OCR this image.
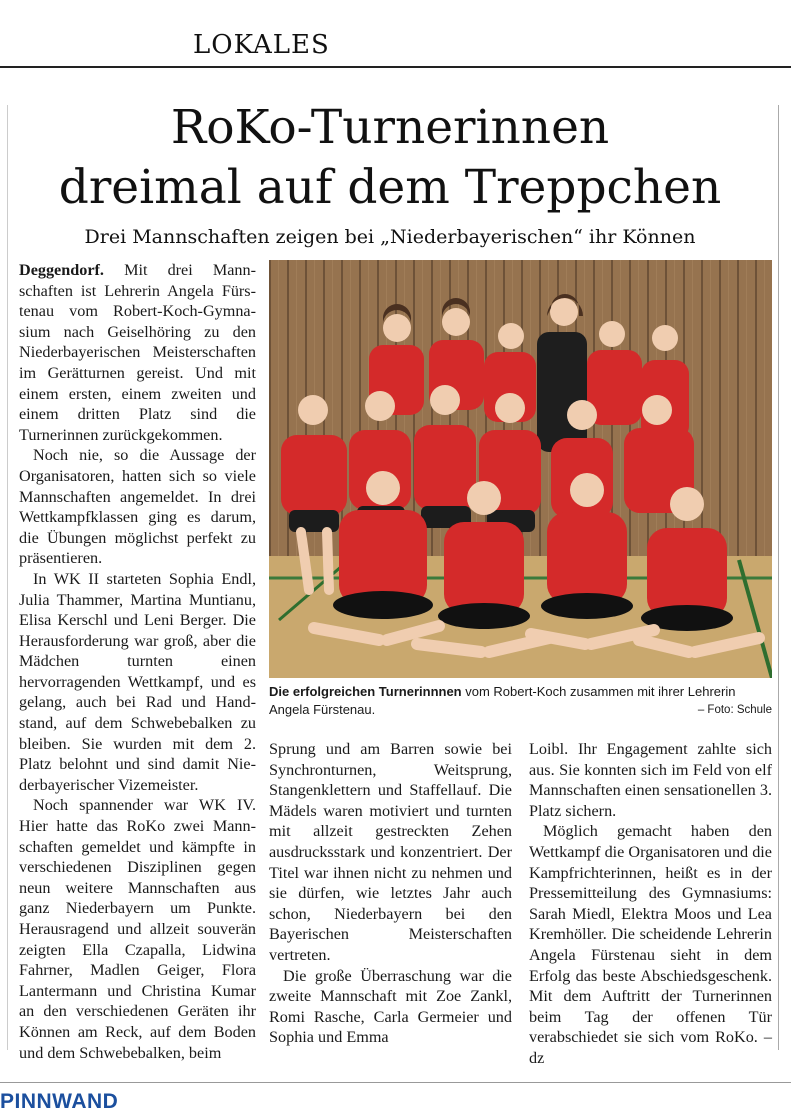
LOKALES
RoKo-Turnerinnen
dreimal auf dem Treppchen
Drei Mannschaften zeigen bei „Niederbayerischen“ ihr Können

Deggendorf. Mit drei Mannschaften ist Lehrerin Angela Fürstenau vom Robert-Koch-Gymnasium nach Geiselhöring zu den Niederbayerischen Meisterschaften im Gerätturnen gereist. Und mit einem ersten, einem zweiten und einem dritten Platz sind die Turnerinnen zurückgekommen.

Noch nie, so die Aussage der Organisatoren, hatten sich so viele Mannschaften angemeldet. In drei Wettkampfklassen ging es darum, die Übungen möglichst perfekt zu präsentieren.

In WK II starteten Sophia Endl, Julia Thammer, Martina Muntianu, Elisa Kerschl und Leni Berger. Die Herausforderung war groß, aber die Mädchen turnten einen hervorragenden Wettkampf, und es gelang, auch bei Rad und Handstand, auf dem Schwebebalken zu bleiben. Sie wurden mit dem 2. Platz belohnt und sind damit Niederbayerischer Vizemeister.

Noch spannender war WK IV. Hier hatte das RoKo zwei Mannschaften gemeldet und kämpfte in verschiedenen Disziplinen gegen neun weitere Mannschaften aus ganz Niederbayern um Punkte. Herausragend und allzeit souverän zeigten Ella Czapalla, Lidwina Fahrner, Madlen Geiger, Flora Lantermann und Christina Kumar an den verschiedenen Geräten ihr Können am Reck, auf dem Boden und dem Schwebebalken, beim

Die erfolgreichen Turnerinnnen vom Robert-Koch zusammen mit ihrer Lehrerin Angela Fürstenau.	– Foto: Schule

Sprung und am Barren sowie bei Synchronturnen, Weitsprung, Stangenklettern und Staffellauf. Die Mädels waren motiviert und turnten mit allzeit gestreckten Zehen ausdrucksstark und konzentriert. Der Titel war ihnen nicht zu nehmen und sie dürfen, wie letztes Jahr auch schon, Niederbayern bei den Bayerischen Meisterschaften vertreten.

Die große Überraschung war die zweite Mannschaft mit Zoe Zankl, Romi Rasche, Carla Germeier und Sophia und Emma

Loibl. Ihr Engagement zahlte sich aus. Sie konnten sich im Feld von elf Mannschaften einen sensationellen 3. Platz sichern.

Möglich gemacht haben den Wettkampf die Organisatoren und die Kampfrichterinnen, heißt es in der Pressemitteilung des Gymnasiums: Sarah Miedl, Elektra Moos und Lea Kremhöller. Die scheidende Lehrerin Angela Fürstenau sieht in dem Erfolg das beste Abschiedsgeschenk. Mit dem Auftritt der Turnerinnen beim Tag der offenen Tür verabschiedet sie sich vom RoKo. – dz

PINNWAND
